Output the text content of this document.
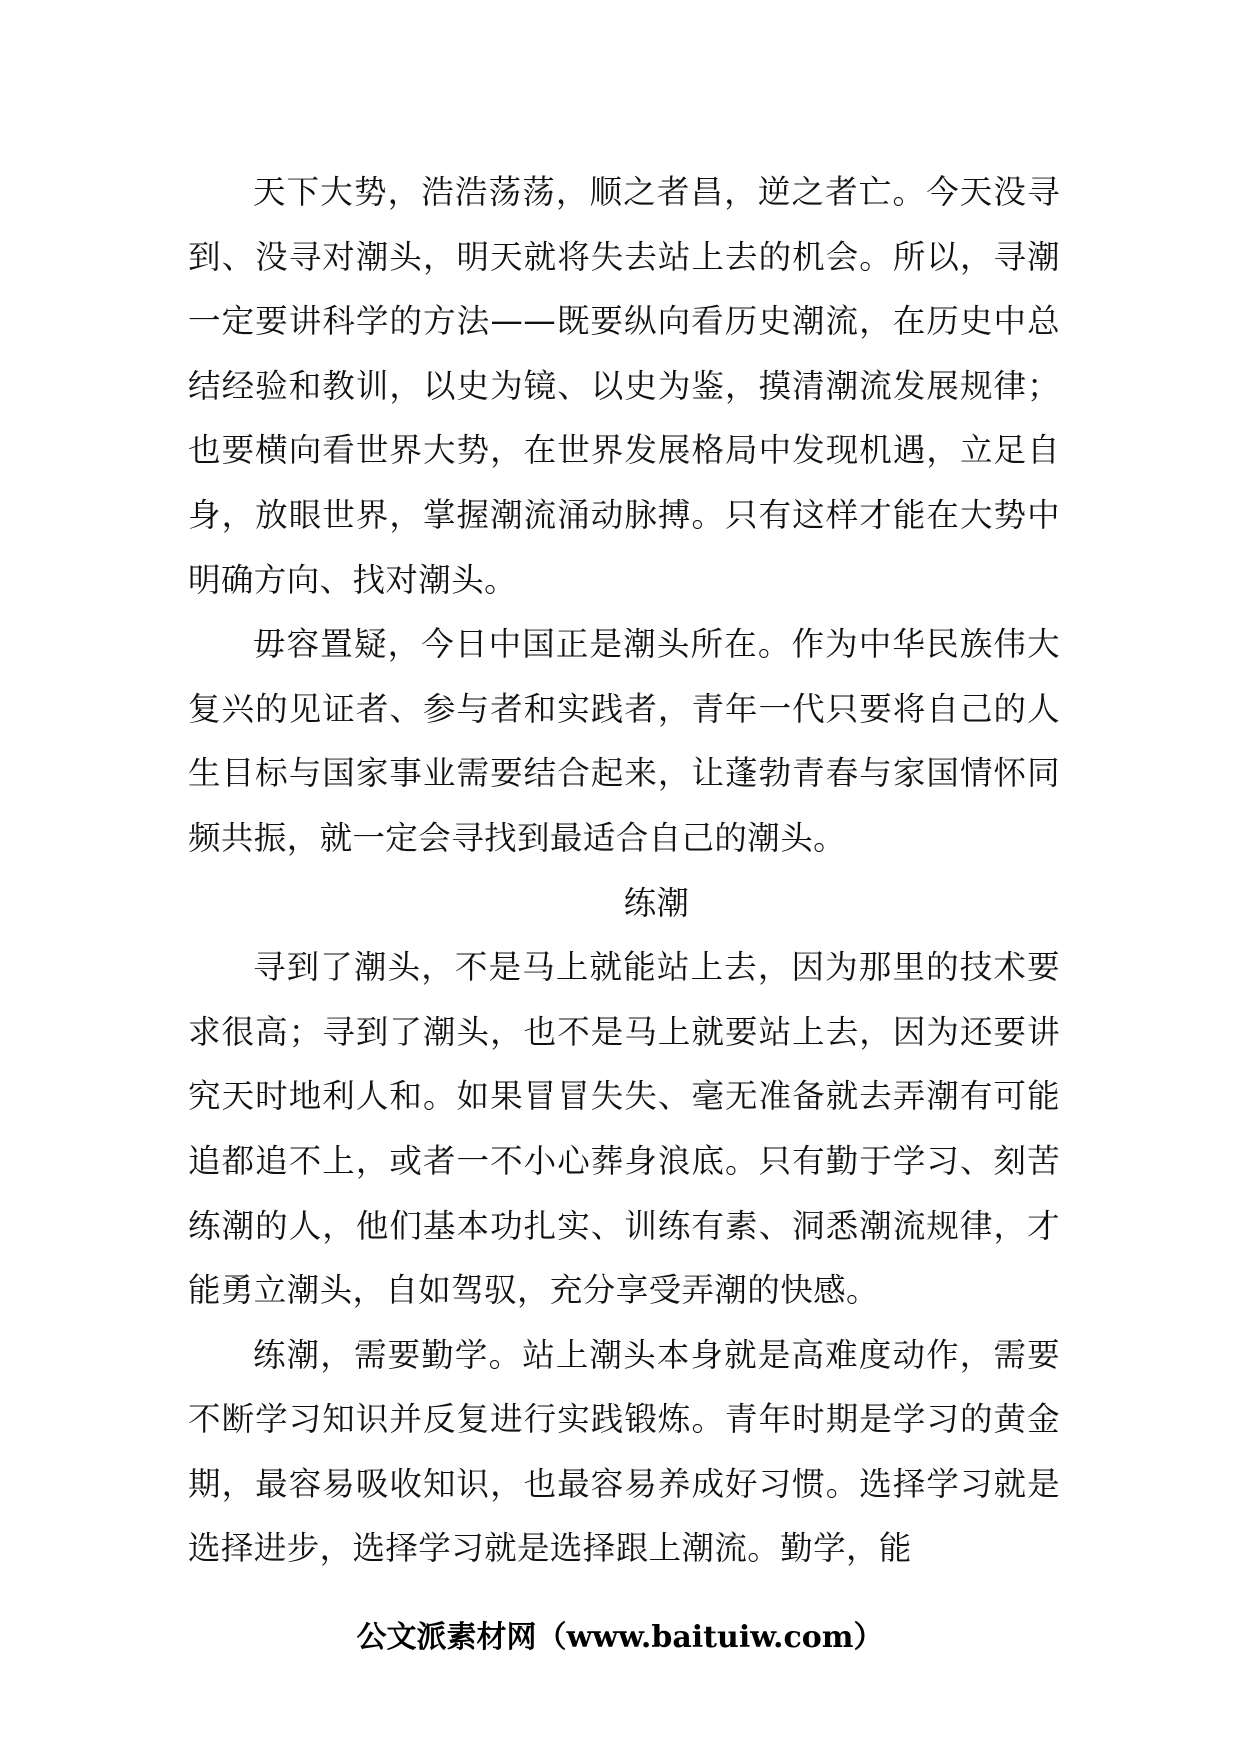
天下大势，浩浩荡荡，顺之者昌，逆之者亡。今天没寻到、没寻对潮头，明天就将失去站上去的机会。所以，寻潮一定要讲科学的方法——既要纵向看历史潮流，在历史中总结经验和教训，以史为镜、以史为鉴，摸清潮流发展规律；也要横向看世界大势，在世界发展格局中发现机遇，立足自身，放眼世界，掌握潮流涌动脉搏。只有这样才能在大势中明确方向、找对潮头。

毋容置疑，今日中国正是潮头所在。作为中华民族伟大复兴的见证者、参与者和实践者，青年一代只要将自己的人生目标与国家事业需要结合起来，让蓬勃青春与家国情怀同频共振，就一定会寻找到最适合自己的潮头。

练潮

寻到了潮头，不是马上就能站上去，因为那里的技术要求很高；寻到了潮头，也不是马上就要站上去，因为还要讲究天时地利人和。如果冒冒失失、毫无准备就去弄潮有可能追都追不上，或者一不小心葬身浪底。只有勤于学习、刻苦练潮的人，他们基本功扎实、训练有素、洞悉潮流规律，才能勇立潮头，自如驾驭，充分享受弄潮的快感。

练潮，需要勤学。站上潮头本身就是高难度动作，需要不断学习知识并反复进行实践锻炼。青年时期是学习的黄金期，最容易吸收知识，也最容易养成好习惯。选择学习就是选择进步，选择学习就是选择跟上潮流。勤学，能

公文派素材网（www.baituiw.com）
